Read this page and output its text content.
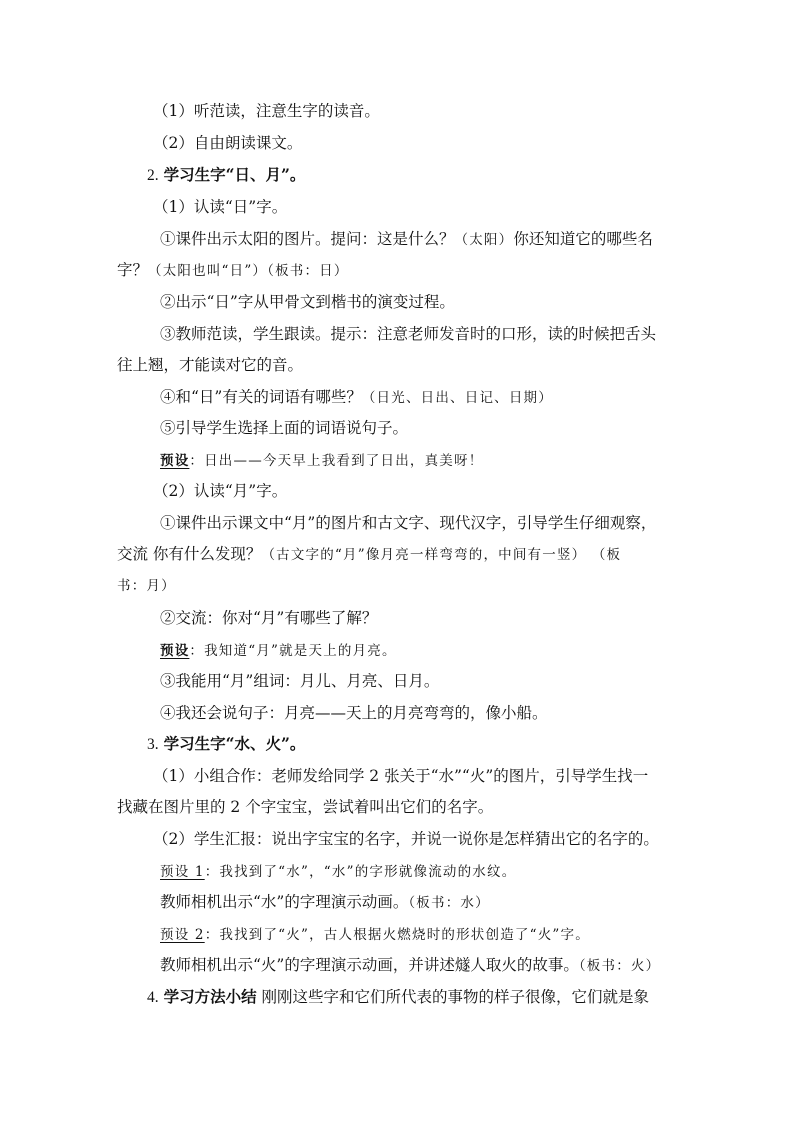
（1）听范读，注意生字的读音。
（2）自由朗读课文。
2. 学习生字“日、月”。
（1）认读“日”字。
①课件出示太阳的图片。提问：这是什么？（太阳）你还知道它的哪些名
字？（太阳也叫“日”）（板书：日）
②出示“日”字从甲骨文到楷书的演变过程。
③教师范读，学生跟读。提示：注意老师发音时的口形，读的时候把舌头
往上翘，才能读对它的音。
④和“日”有关的词语有哪些？（日光、日出、日记、日期）
⑤引导学生选择上面的词语说句子。
预设：日出——今天早上我看到了日出，真美呀！
（2）认读“月”字。
①课件出示课文中“月”的图片和古文字、现代汉字，引导学生仔细观察，
交流 你有什么发现？（古文字的“月”像月亮一样弯弯的，中间有一竖） （板
书：月）
②交流：你对“月”有哪些了解？
预设：我知道“月”就是天上的月亮。
③我能用“月”组词：月儿、月亮、日月。
④我还会说句子：月亮——天上的月亮弯弯的，像小船。
3. 学习生字“水、火”。
（1）小组合作：老师发给同学 2 张关于“水”“火”的图片，引导学生找一
找藏在图片里的 2 个字宝宝，尝试着叫出它们的名字。
（2）学生汇报：说出字宝宝的名字，并说一说你是怎样猜出它的名字的。
预设 1：我找到了“水”，“水”的字形就像流动的水纹。
教师相机出示“水”的字理演示动画。（板书：水）
预设 2：我找到了“火”，古人根据火燃烧时的形状创造了“火”字。
教师相机出示“火”的字理演示动画，并讲述燧人取火的故事。（板书：火）
4. 学习方法小结 刚刚这些字和它们所代表的事物的样子很像，它们就是象
